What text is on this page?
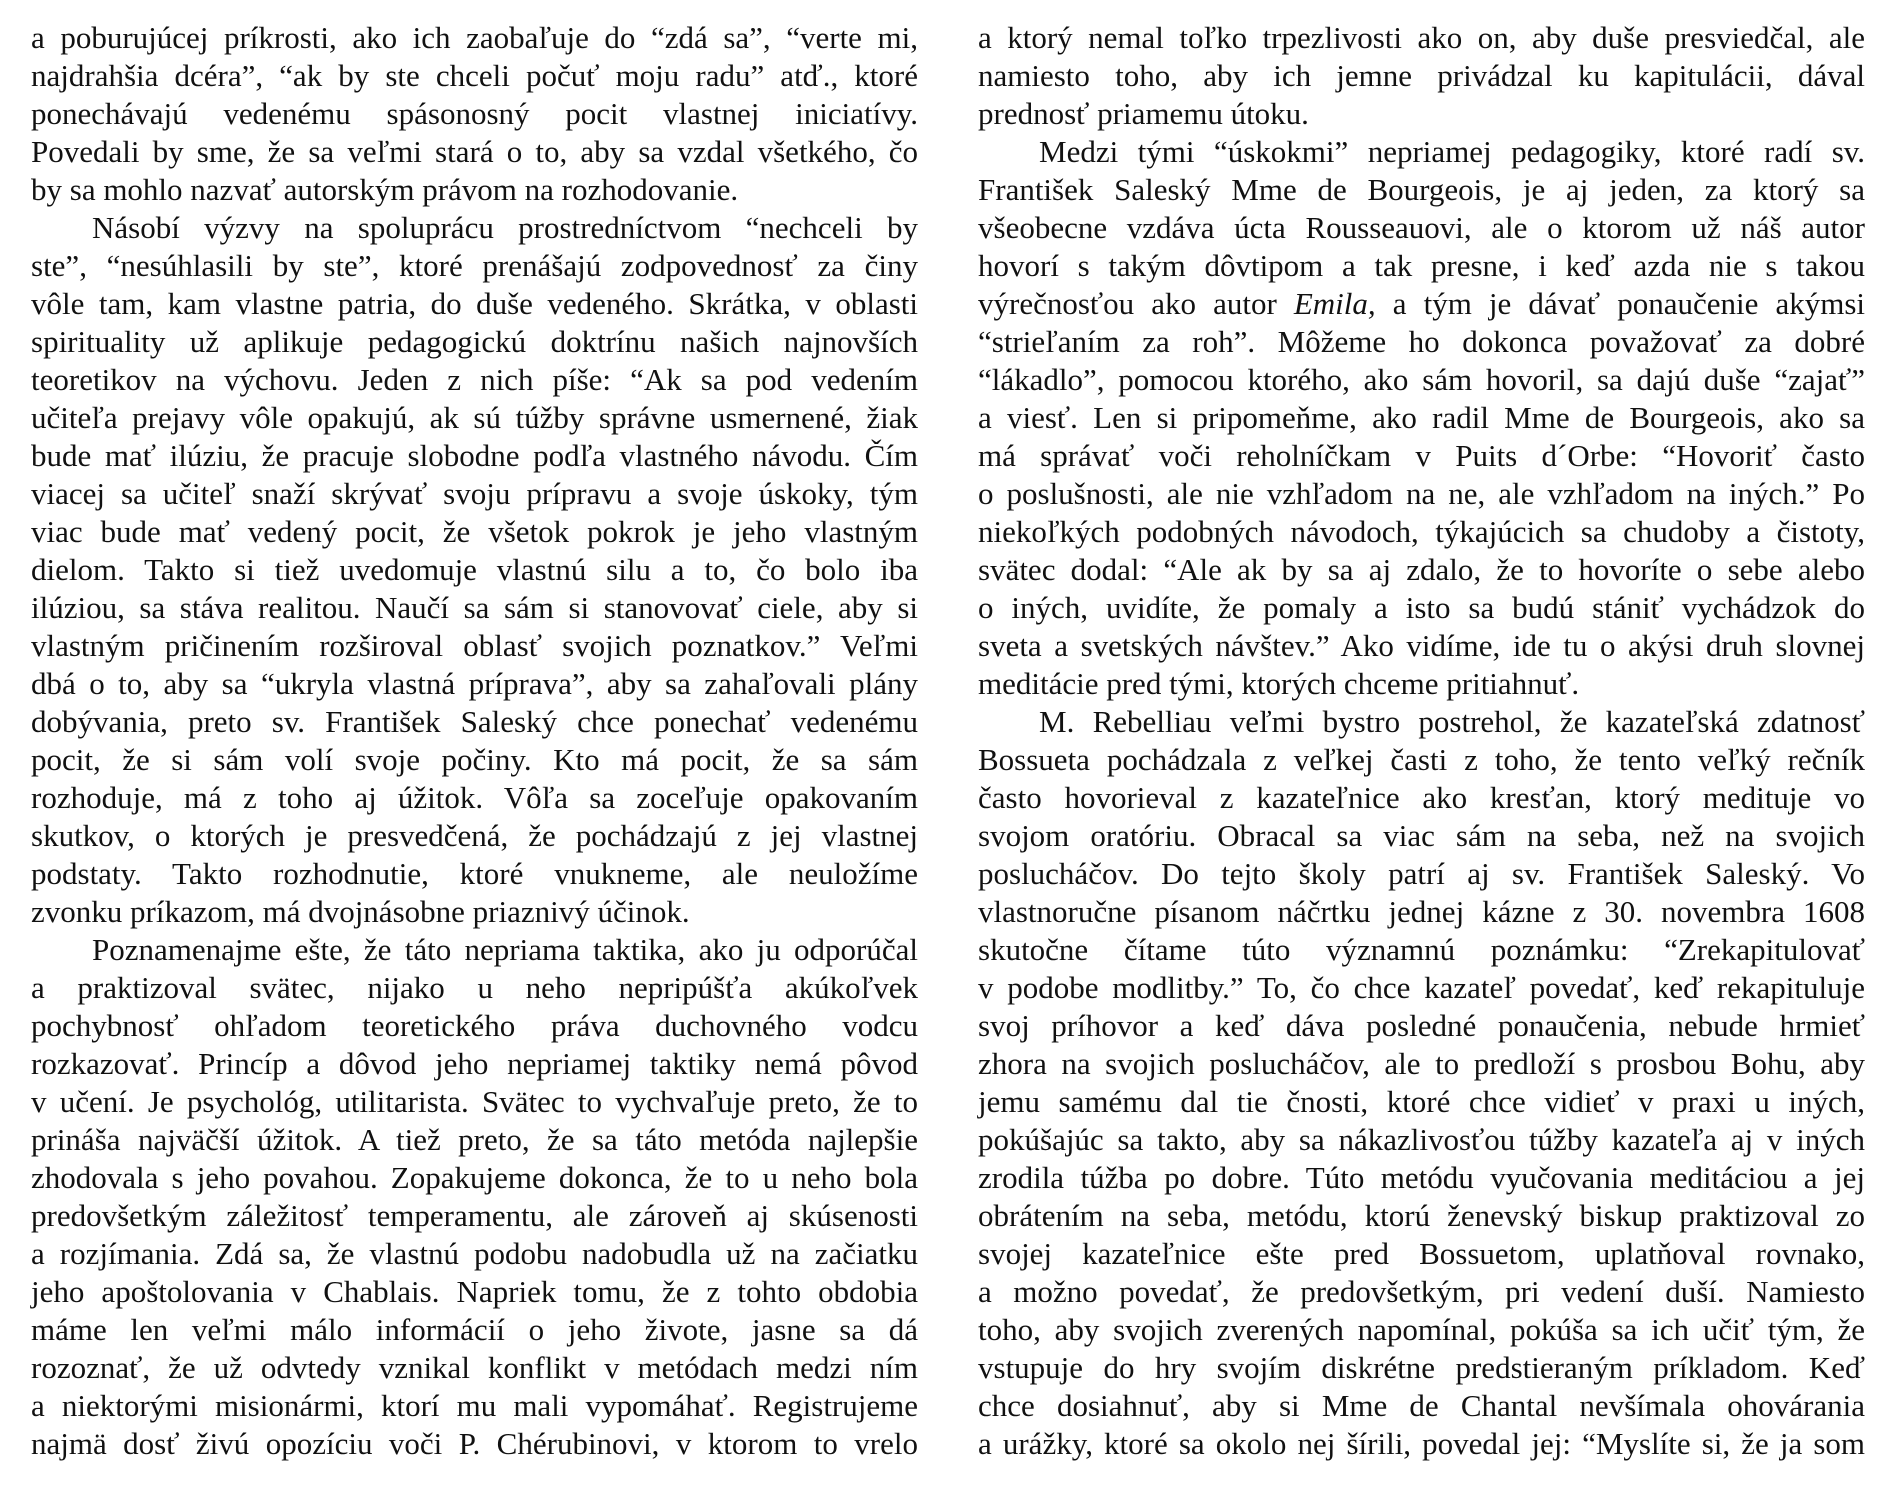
a poburujúcej príkrosti, ako ich zaobaľuje do “zdá sa”, “verte mi,
najdrahšia dcéra”, “ak by ste chceli počuť moju radu” atď., ktoré
ponechávajú vedenému spásonosný pocit vlastnej iniciatívy.
Povedali by sme, že sa veľmi stará o to, aby sa vzdal všetkého, čo
by sa mohlo nazvať autorským právom na rozhodovanie.
Násobí výzvy na spoluprácu prostredníctvom “nechceli by
ste”, “nesúhlasili by ste”, ktoré prenášajú zodpovednosť za činy
vôle tam, kam vlastne patria, do duše vedeného. Skrátka, v oblasti
spirituality už aplikuje pedagogickú doktrínu našich najnovších
teoretikov na výchovu. Jeden z nich píše: “Ak sa pod vedením
učiteľa prejavy vôle opakujú, ak sú túžby správne usmernené, žiak
bude mať ilúziu, že pracuje slobodne podľa vlastného návodu. Čím
viacej sa učiteľ snaží skrývať svoju prípravu a svoje úskoky, tým
viac bude mať vedený pocit, že všetok pokrok je jeho vlastným
dielom. Takto si tiež uvedomuje vlastnú silu a to, čo bolo iba
ilúziou, sa stáva realitou. Naučí sa sám si stanovovať ciele, aby si
vlastným pričinením rozširoval oblasť svojich poznatkov.” Veľmi
dbá o to, aby sa “ukryla vlastná príprava”, aby sa zahaľovali plány
dobývania, preto sv. František Saleský chce ponechať vedenému
pocit, že si sám volí svoje počiny. Kto má pocit, že sa sám
rozhoduje, má z toho aj úžitok. Vôľa sa zoceľuje opakovaním
skutkov, o ktorých je presvedčená, že pochádzajú z jej vlastnej
podstaty. Takto rozhodnutie, ktoré vnukneme, ale neuložíme
zvonku príkazom, má dvojnásobne priaznivý účinok.
Poznamenajme ešte, že táto nepriama taktika, ako ju odporúčal
a praktizoval svätec, nijako u neho nepripúšťa akúkoľvek
pochybnosť ohľadom teoretického práva duchovného vodcu
rozkazovať. Princíp a dôvod jeho nepriamej taktiky nemá pôvod
v učení. Je psychológ, utilitarista. Svätec to vychvaľuje preto, že to
prináša najväčší úžitok. A tiež preto, že sa táto metóda najlepšie
zhodovala s jeho povahou. Zopakujeme dokonca, že to u neho bola
predovšetkým záležitosť temperamentu, ale zároveň aj skúsenosti
a rozjímania. Zdá sa, že vlastnú podobu nadobudla už na začiatku
jeho apoštolovania v Chablais. Napriek tomu, že z tohto obdobia
máme len veľmi málo informácií o jeho živote, jasne sa dá
rozoznať, že už odvtedy vznikal konflikt v metódach medzi ním
a niektorými misionármi, ktorí mu mali vypomáhať. Registrujeme
najmä dosť živú opozíciu voči P. Chérubinovi, v ktorom to vrelo
a ktorý nemal toľko trpezlivosti ako on, aby duše presviedčal, ale
namiesto toho, aby ich jemne privádzal ku kapitulácii, dával
prednosť priamemu útoku.
Medzi tými “úskokmi” nepriamej pedagogiky, ktoré radí sv.
František Saleský Mme de Bourgeois, je aj jeden, za ktorý sa
všeobecne vzdáva úcta Rousseauovi, ale o ktorom už náš autor
hovorí s takým dôvtipom a tak presne, i keď azda nie s takou
výrečnosťou ako autor Emila, a tým je dávať ponaučenie akýmsi
“strieľaním za roh”. Môžeme ho dokonca považovať za dobré
“lákadlo”, pomocou ktorého, ako sám hovoril, sa dajú duše “zajať”
a viesť. Len si pripomeňme, ako radil Mme de Bourgeois, ako sa
má správať voči reholníčkam v Puits d´Orbe: “Hovoriť často
o poslušnosti, ale nie vzhľadom na ne, ale vzhľadom na iných.” Po
niekoľkých podobných návodoch, týkajúcich sa chudoby a čistoty,
svätec dodal: “Ale ak by sa aj zdalo, že to hovoríte o sebe alebo
o iných, uvidíte, že pomaly a isto sa budú stániť vychádzok do
sveta a svetských návštev.” Ako vidíme, ide tu o akýsi druh slovnej
meditácie pred tými, ktorých chceme pritiahnuť.
M. Rebelliau veľmi bystro postrehol, že kazateľská zdatnosť
Bossueta pochádzala z veľkej časti z toho, že tento veľký rečník
často hovorieval z kazateľnice ako kresťan, ktorý medituje vo
svojom oratóriu. Obracal sa viac sám na seba, než na svojich
poslucháčov. Do tejto školy patrí aj sv. František Saleský. Vo
vlastnoručne písanom náčrtku jednej kázne z 30. novembra 1608
skutočne čítame túto významnú poznámku: “Zrekapitulovať
v podobe modlitby.” To, čo chce kazateľ povedať, keď rekapituluje
svoj príhovor a keď dáva posledné ponaučenia, nebude hrmieť
zhora na svojich poslucháčov, ale to predloží s prosbou Bohu, aby
jemu samému dal tie čnosti, ktoré chce vidieť v praxi u iných,
pokúšajúc sa takto, aby sa nákazlivosťou túžby kazateľa aj v iných
zrodila túžba po dobre. Túto metódu vyučovania meditáciou a jej
obrátením na seba, metódu, ktorú ženevský biskup praktizoval zo
svojej kazateľnice ešte pred Bossuetom, uplatňoval rovnako,
a možno povedať, že predovšetkým, pri vedení duší. Namiesto
toho, aby svojich zverených napomínal, pokúša sa ich učiť tým, že
vstupuje do hry svojím diskrétne predstieraným príkladom. Keď
chce dosiahnuť, aby si Mme de Chantal nevšímala ohovárania
a urážky, ktoré sa okolo nej šírili, povedal jej: “Myslíte si, že ja som
